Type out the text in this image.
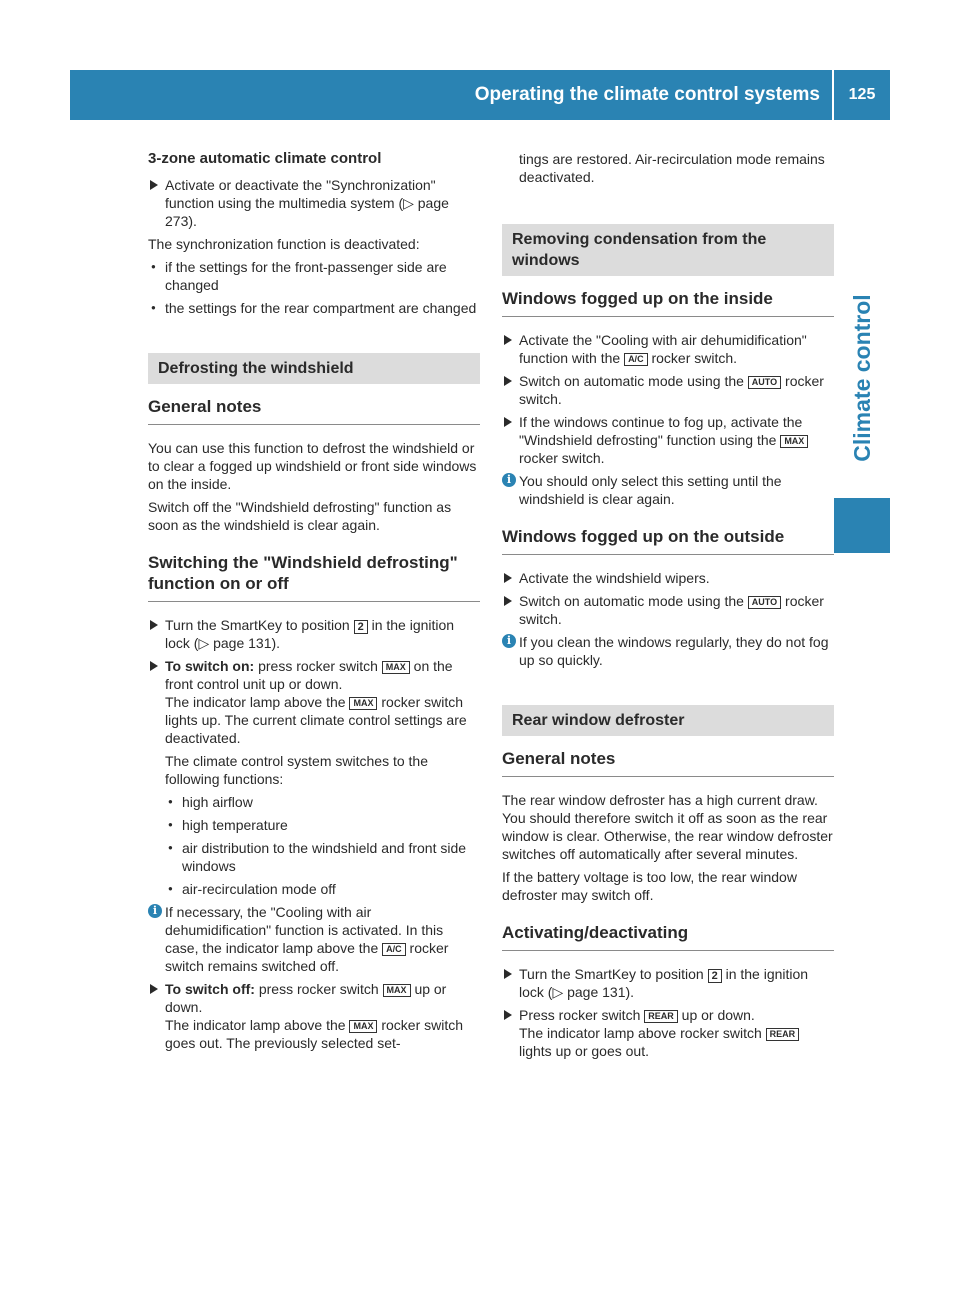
Operating the climate control systems	125
Climate control
3-zone automatic climate control
Activate or deactivate the "Synchronization" function using the multimedia system (▷ page 273).

The synchronization function is deactivated:

● if the settings for the front-passenger side are changed
● the settings for the rear compartment are changed
Defrosting the windshield
General notes

You can use this function to defrost the windshield or to clear a fogged up windshield or front side windows on the inside.

Switch off the "Windshield defrosting" function as soon as the windshield is clear again.

Switching the "Windshield defrosting" function on or off
Turn the SmartKey to position 2 in the ignition lock (▷ page 131).
To switch on: press rocker switch MAX on the front control unit up or down.
The indicator lamp above the MAX rocker switch lights up. The current climate control settings are deactivated.

The climate control system switches to the following functions:

● high airflow
● high temperature
● air distribution to the windshield and front side windows
● air-recirculation mode off
i If necessary, the "Cooling with air dehumidification" function is activated. In this case, the indicator lamp above the A/C rocker switch remains switched off.
To switch off: press rocker switch MAX up or down.
The indicator lamp above the MAX rocker switch goes out. The previously selected set-
tings are restored. Air-recirculation mode remains deactivated.
Removing condensation from the windows
Windows fogged up on the inside
Activate the "Cooling with air dehumidification" function with the A/C rocker switch.
Switch on automatic mode using the AUTO rocker switch.
If the windows continue to fog up, activate the "Windshield defrosting" function using the MAX rocker switch.
i You should only select this setting until the windshield is clear again.
Windows fogged up on the outside
Activate the windshield wipers.
Switch on automatic mode using the AUTO rocker switch.
i If you clean the windows regularly, they do not fog up so quickly.
Rear window defroster
General notes

The rear window defroster has a high current draw. You should therefore switch it off as soon as the rear window is clear. Otherwise, the rear window defroster switches off automatically after several minutes.

If the battery voltage is too low, the rear window defroster may switch off.

Activating/deactivating
Turn the SmartKey to position 2 in the ignition lock (▷ page 131).
Press rocker switch REAR up or down.
The indicator lamp above rocker switch REAR lights up or goes out.
